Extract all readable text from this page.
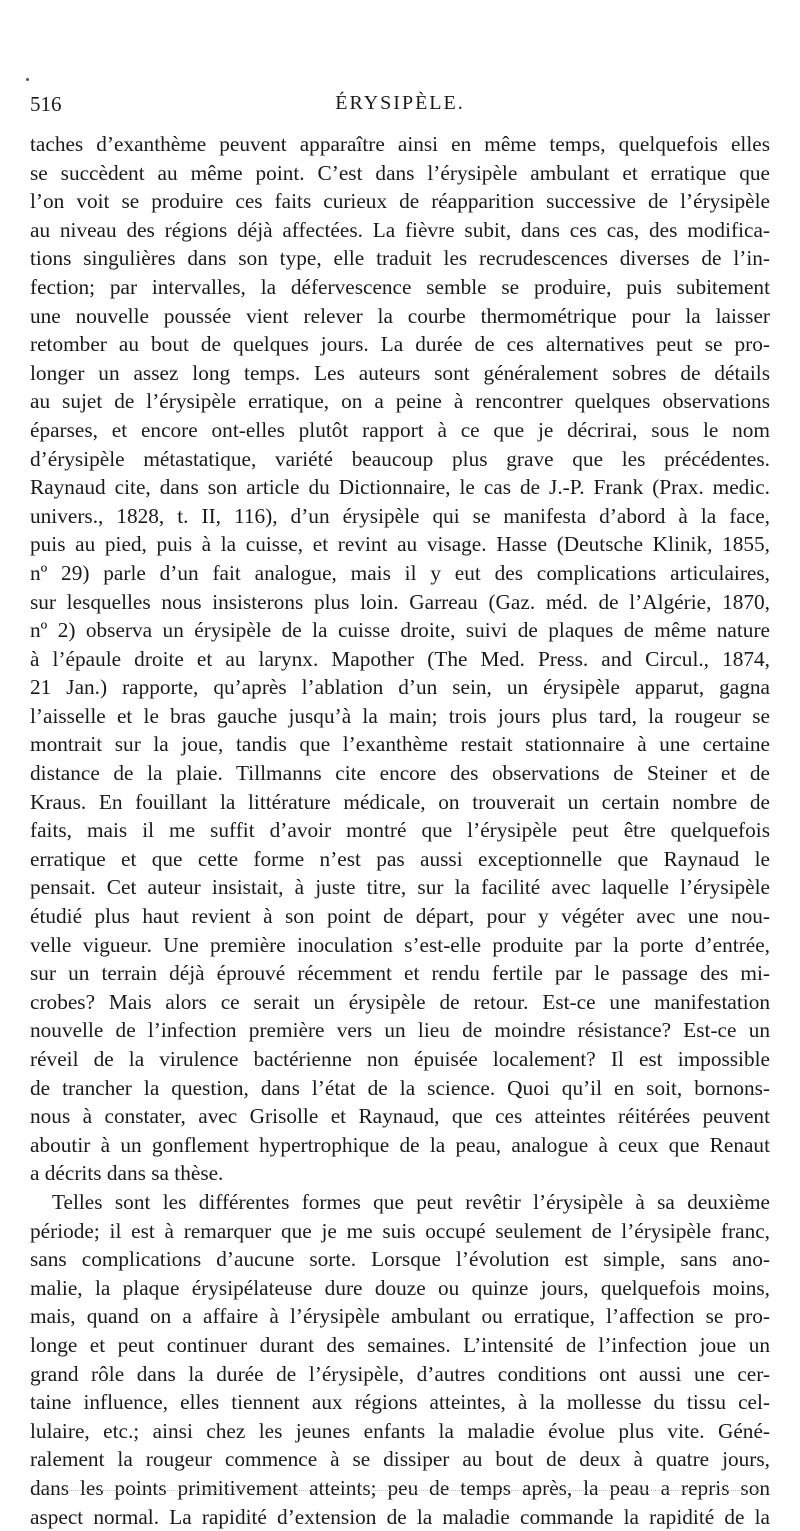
516	ÉRYSIPÈLE.
taches d’exanthème peuvent apparaître ainsi en même temps, quelquefois elles
se succèdent au même point. C’est dans l’érysipèle ambulant et erratique que
l’on voit se produire ces faits curieux de réapparition successive de l’érysipèle
au niveau des régions déjà affectées. La fièvre subit, dans ces cas, des modifica-
tions singulières dans son type, elle traduit les recrudescences diverses de l’in-
fection; par intervalles, la défervescence semble se produire, puis subitement
une nouvelle poussée vient relever la courbe thermométrique pour la laisser
retomber au bout de quelques jours. La durée de ces alternatives peut se pro-
longer un assez long temps. Les auteurs sont généralement sobres de détails
au sujet de l’érysipèle erratique, on a peine à rencontrer quelques observations
éparses, et encore ont-elles plutôt rapport à ce que je décrirai, sous le nom
d’érysipèle métastatique, variété beaucoup plus grave que les précédentes.
Raynaud cite, dans son article du Dictionnaire, le cas de J.-P. Frank (Prax. medic.
univers., 1828, t. II, 116), d’un érysipèle qui se manifesta d’abord à la face,
puis au pied, puis à la cuisse, et revint au visage. Hasse (Deutsche Klinik, 1855,
nº 29) parle d’un fait analogue, mais il y eut des complications articulaires,
sur lesquelles nous insisterons plus loin. Garreau (Gaz. méd. de l’Algérie, 1870,
nº 2) observa un érysipèle de la cuisse droite, suivi de plaques de même nature
à l’épaule droite et au larynx. Mapother (The Med. Press. and Circul., 1874,
21 Jan.) rapporte, qu’après l’ablation d’un sein, un érysipèle apparut, gagna
l’aisselle et le bras gauche jusqu’à la main; trois jours plus tard, la rougeur se
montrait sur la joue, tandis que l’exanthème restait stationnaire à une certaine
distance de la plaie. Tillmanns cite encore des observations de Steiner et de
Kraus. En fouillant la littérature médicale, on trouverait un certain nombre de
faits, mais il me suffit d’avoir montré que l’érysipèle peut être quelquefois
erratique et que cette forme n’est pas aussi exceptionnelle que Raynaud le
pensait. Cet auteur insistait, à juste titre, sur la facilité avec laquelle l’érysipèle
étudié plus haut revient à son point de départ, pour y végéter avec une nou-
velle vigueur. Une première inoculation s’est-elle produite par la porte d’entrée,
sur un terrain déjà éprouvé récemment et rendu fertile par le passage des mi-
crobes? Mais alors ce serait un érysipèle de retour. Est-ce une manifestation
nouvelle de l’infection première vers un lieu de moindre résistance? Est-ce un
réveil de la virulence bactérienne non épuisée localement? Il est impossible
de trancher la question, dans l’état de la science. Quoi qu’il en soit, bornons-
nous à constater, avec Grisolle et Raynaud, que ces atteintes réitérées peuvent
aboutir à un gonflement hypertrophique de la peau, analogue à ceux que Renaut
a décrits dans sa thèse.
Telles sont les différentes formes que peut revêtir l’érysipèle à sa deuxième
période; il est à remarquer que je me suis occupé seulement de l’érysipèle franc,
sans complications d’aucune sorte. Lorsque l’évolution est simple, sans ano-
malie, la plaque érysipélateuse dure douze ou quinze jours, quelquefois moins,
mais, quand on a affaire à l’érysipèle ambulant ou erratique, l’affection se pro-
longe et peut continuer durant des semaines. L’intensité de l’infection joue un
grand rôle dans la durée de l’érysipèle, d’autres conditions ont aussi une cer-
taine influence, elles tiennent aux régions atteintes, à la mollesse du tissu cel-
lulaire, etc.; ainsi chez les jeunes enfants la maladie évolue plus vite. Géné-
ralement la rougeur commence à se dissiper au bout de deux à quatre jours,
dans les points primitivement atteints; peu de temps après, la peau a repris son
aspect normal. La rapidité d’extension de la maladie commande la rapidité de la
